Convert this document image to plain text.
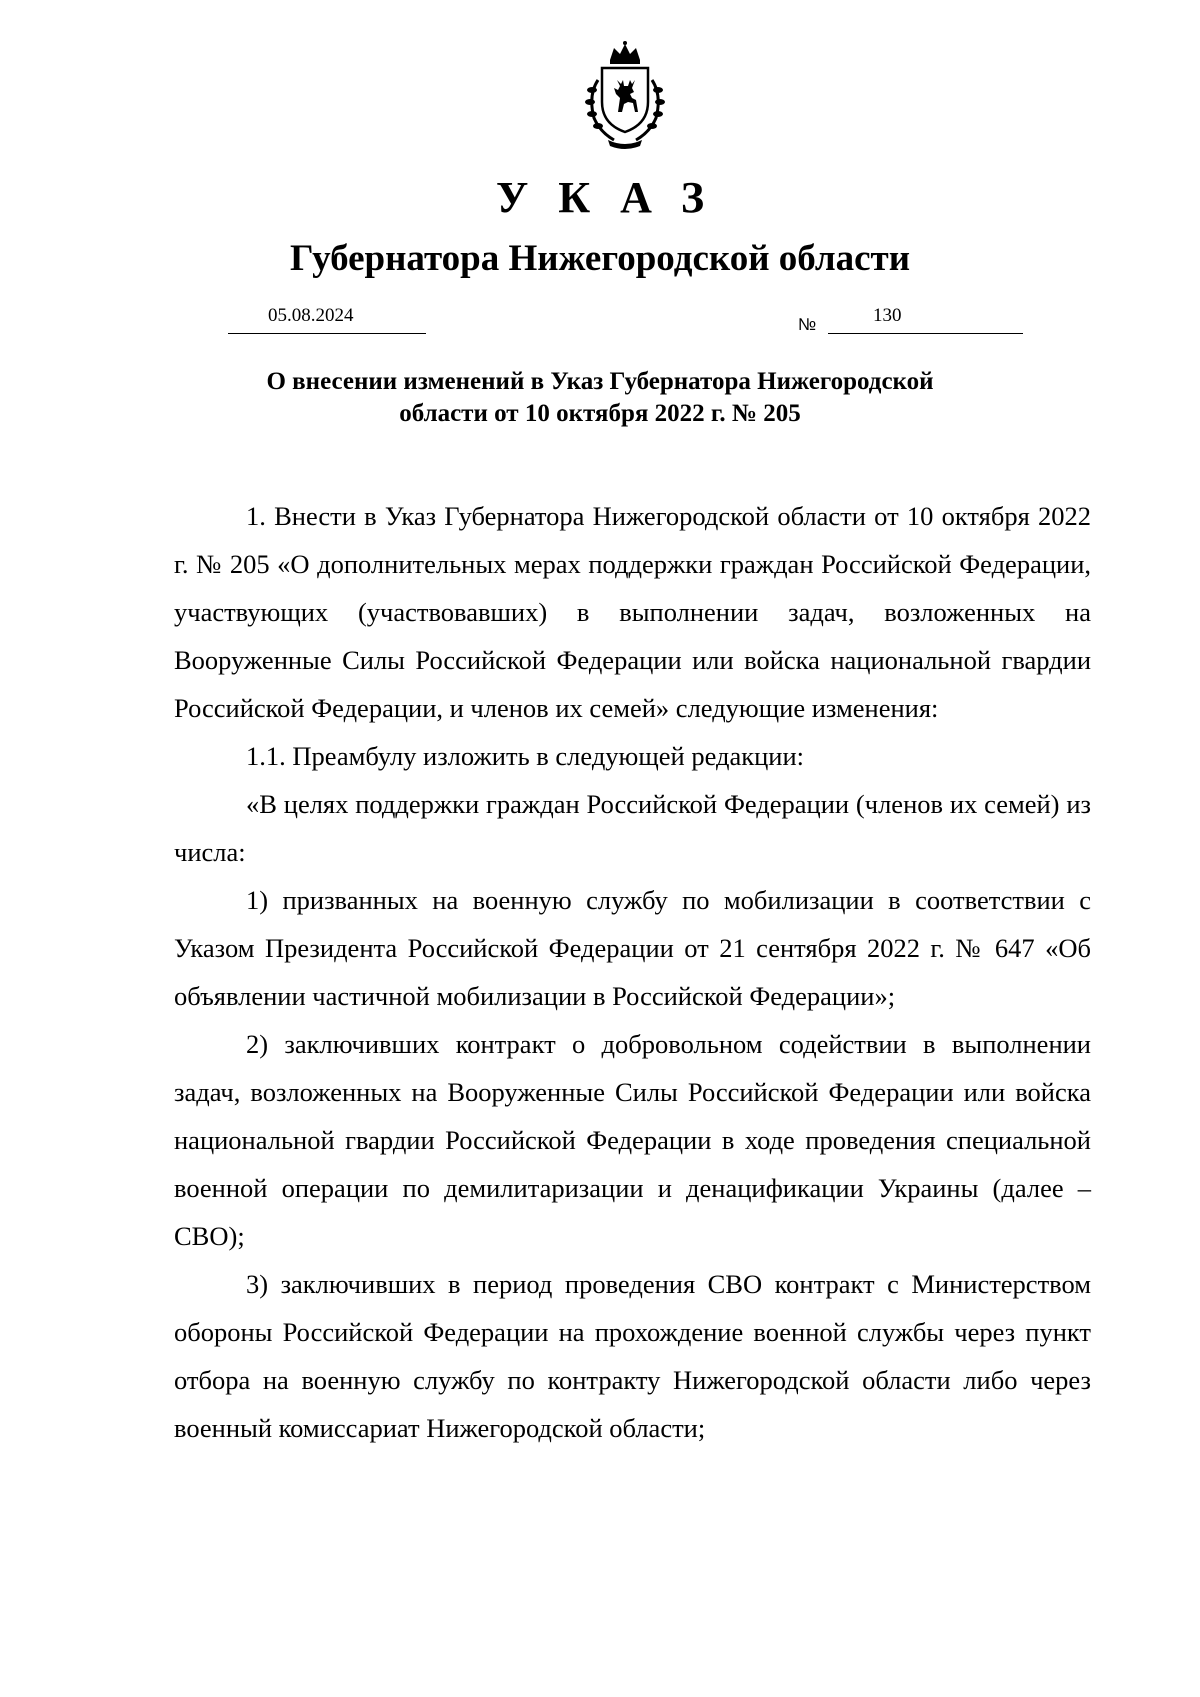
УКАЗ
Губернатора Нижегородской области
05.08.2024	№	130
О внесении изменений в Указ Губернатора Нижегородской
области от 10 октября 2022 г. № 205

1. Внести в Указ Губернатора Нижегородской области от 10 октября 2022 г. № 205 «О дополнительных мерах поддержки граждан Российской Федерации, участвующих (участвовавших) в выполнении задач, возложенных на Вооруженные Силы Российской Федерации или войска национальной гвардии Российской Федерации, и членов их семей» следующие изменения:

1.1. Преамбулу изложить в следующей редакции:

«В целях поддержки граждан Российской Федерации (членов их семей) из числа:

1) призванных на военную службу по мобилизации в соответствии с Указом Президента Российской Федерации от 21 сентября 2022 г. № 647 «Об объявлении частичной мобилизации в Российской Федерации»;

2) заключивших контракт о добровольном содействии в выполнении задач, возложенных на Вооруженные Силы Российской Федерации или войска национальной гвардии Российской Федерации в ходе проведения специальной военной операции по демилитаризации и денацификации Украины (далее – СВО);

3) заключивших в период проведения СВО контракт с Министерством обороны Российской Федерации на прохождение военной службы через пункт отбора на военную службу по контракту Нижегородской области либо через военный комиссариат Нижегородской области;
